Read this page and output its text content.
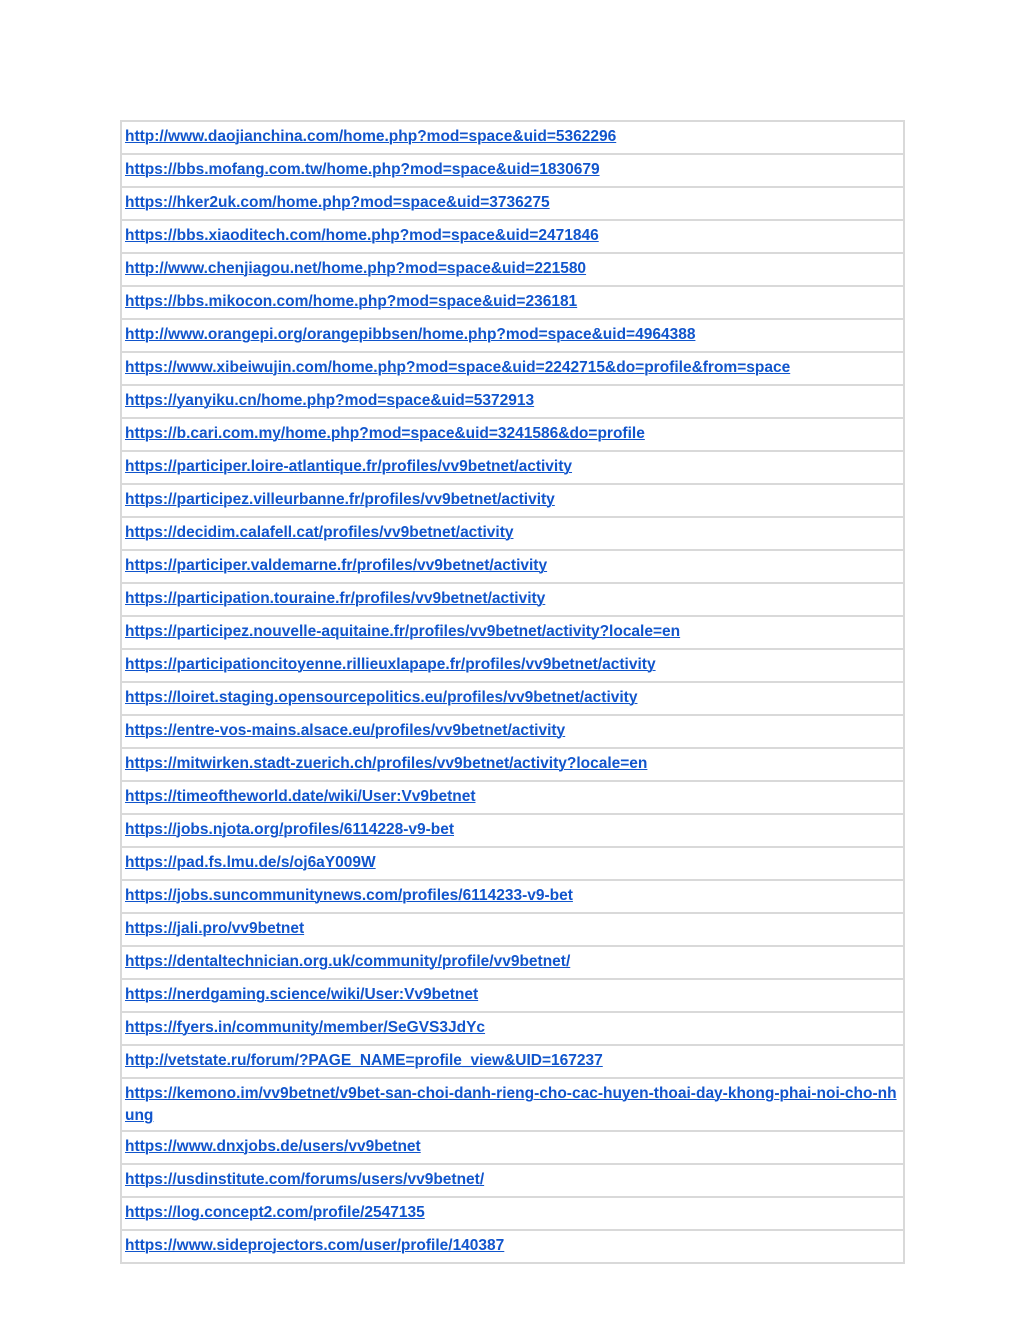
http://www.daojianchina.com/home.php?mod=space&uid=5362296
https://bbs.mofang.com.tw/home.php?mod=space&uid=1830679
https://hker2uk.com/home.php?mod=space&uid=3736275
https://bbs.xiaoditech.com/home.php?mod=space&uid=2471846
http://www.chenjiagou.net/home.php?mod=space&uid=221580
https://bbs.mikocon.com/home.php?mod=space&uid=236181
http://www.orangepi.org/orangepibbsen/home.php?mod=space&uid=4964388
https://www.xibeiwujin.com/home.php?mod=space&uid=2242715&do=profile&from=space
https://yanyiku.cn/home.php?mod=space&uid=5372913
https://b.cari.com.my/home.php?mod=space&uid=3241586&do=profile
https://participer.loire-atlantique.fr/profiles/vv9betnet/activity
https://participez.villeurbanne.fr/profiles/vv9betnet/activity
https://decidim.calafell.cat/profiles/vv9betnet/activity
https://participer.valdemarne.fr/profiles/vv9betnet/activity
https://participation.touraine.fr/profiles/vv9betnet/activity
https://participez.nouvelle-aquitaine.fr/profiles/vv9betnet/activity?locale=en
https://participationcitoyenne.rillieuxlapape.fr/profiles/vv9betnet/activity
https://loiret.staging.opensourcepolitics.eu/profiles/vv9betnet/activity
https://entre-vos-mains.alsace.eu/profiles/vv9betnet/activity
https://mitwirken.stadt-zuerich.ch/profiles/vv9betnet/activity?locale=en
https://timeoftheworld.date/wiki/User:Vv9betnet
https://jobs.njota.org/profiles/6114228-v9-bet
https://pad.fs.lmu.de/s/oj6aY009W
https://jobs.suncommunitynews.com/profiles/6114233-v9-bet
https://jali.pro/vv9betnet
https://dentaltechnician.org.uk/community/profile/vv9betnet/
https://nerdgaming.science/wiki/User:Vv9betnet
https://fyers.in/community/member/SeGVS3JdYc
http://vetstate.ru/forum/?PAGE_NAME=profile_view&UID=167237
https://kemono.im/vv9betnet/v9bet-san-choi-danh-rieng-cho-cac-huyen-thoai-day-khong-phai-noi-cho-nhung
https://www.dnxjobs.de/users/vv9betnet
https://usdinstitute.com/forums/users/vv9betnet/
https://log.concept2.com/profile/2547135
https://www.sideprojectors.com/user/profile/140387
